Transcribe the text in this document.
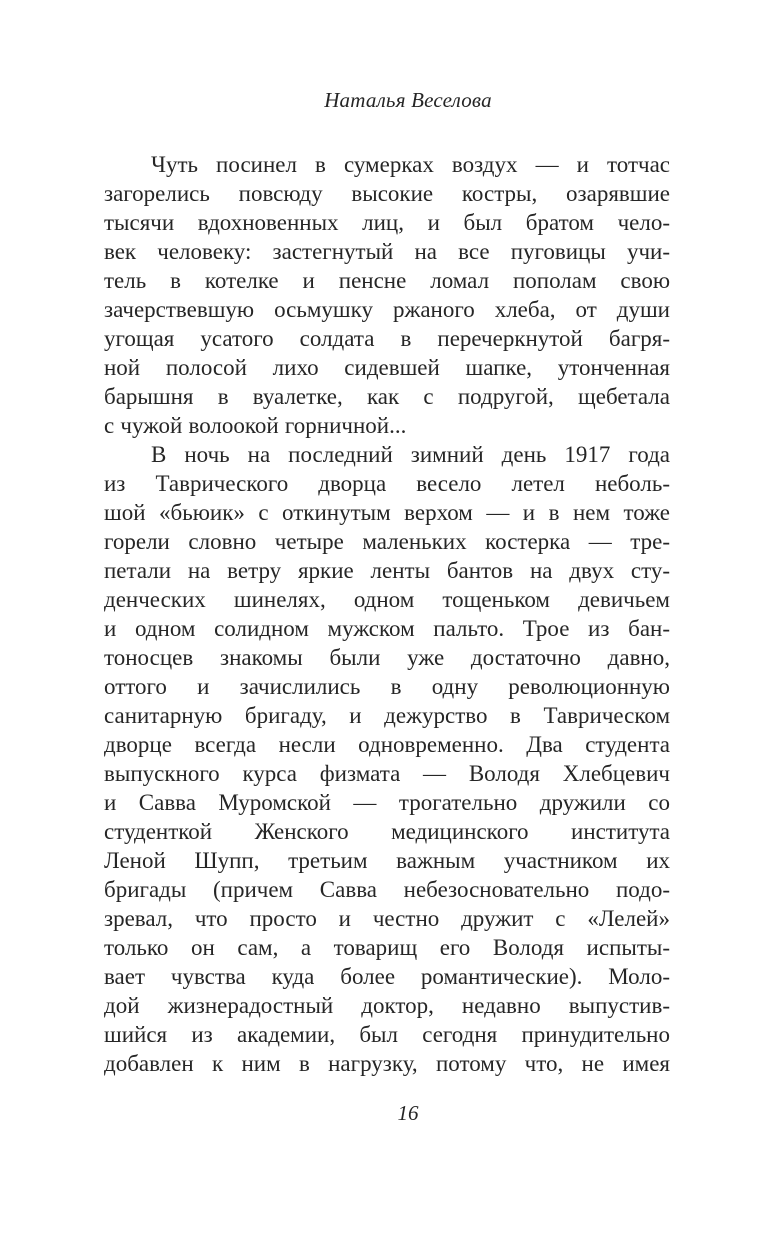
Наталья Веселова
Чуть посинел в сумерках воздух — и тотчас
загорелись повсюду высокие костры, озарявшие
тысячи вдохновенных лиц, и был братом чело-
век человеку: застегнутый на все пуговицы учи-
тель в котелке и пенсне ломал пополам свою
зачерствевшую осьмушку ржаного хлеба, от души
угощая усатого солдата в перечеркнутой багря-
ной полосой лихо сидевшей шапке, утонченная
барышня в вуалетке, как с подругой, щебетала
с чужой волоокой горничной...
В ночь на последний зимний день 1917 года
из Таврического дворца весело летел неболь-
шой «бьюик» с откинутым верхом — и в нем тоже
горели словно четыре маленьких костерка — тре-
петали на ветру яркие ленты бантов на двух сту-
денческих шинелях, одном тощеньком девичьем
и одном солидном мужском пальто. Трое из бан-
тоносцев знакомы были уже достаточно давно,
оттого и зачислились в одну революционную
санитарную бригаду, и дежурство в Таврическом
дворце всегда несли одновременно. Два студента
выпускного курса физмата — Володя Хлебцевич
и Савва Муромской — трогательно дружили со
студенткой Женского медицинского института
Леной Шупп, третьим важным участником их
бригады (причем Савва небезосновательно подо-
зревал, что просто и честно дружит с «Лелей»
только он сам, а товарищ его Володя испыты-
вает чувства куда более романтические). Моло-
дой жизнерадостный доктор, недавно выпустив-
шийся из академии, был сегодня принудительно
добавлен к ним в нагрузку, потому что, не имея
16
